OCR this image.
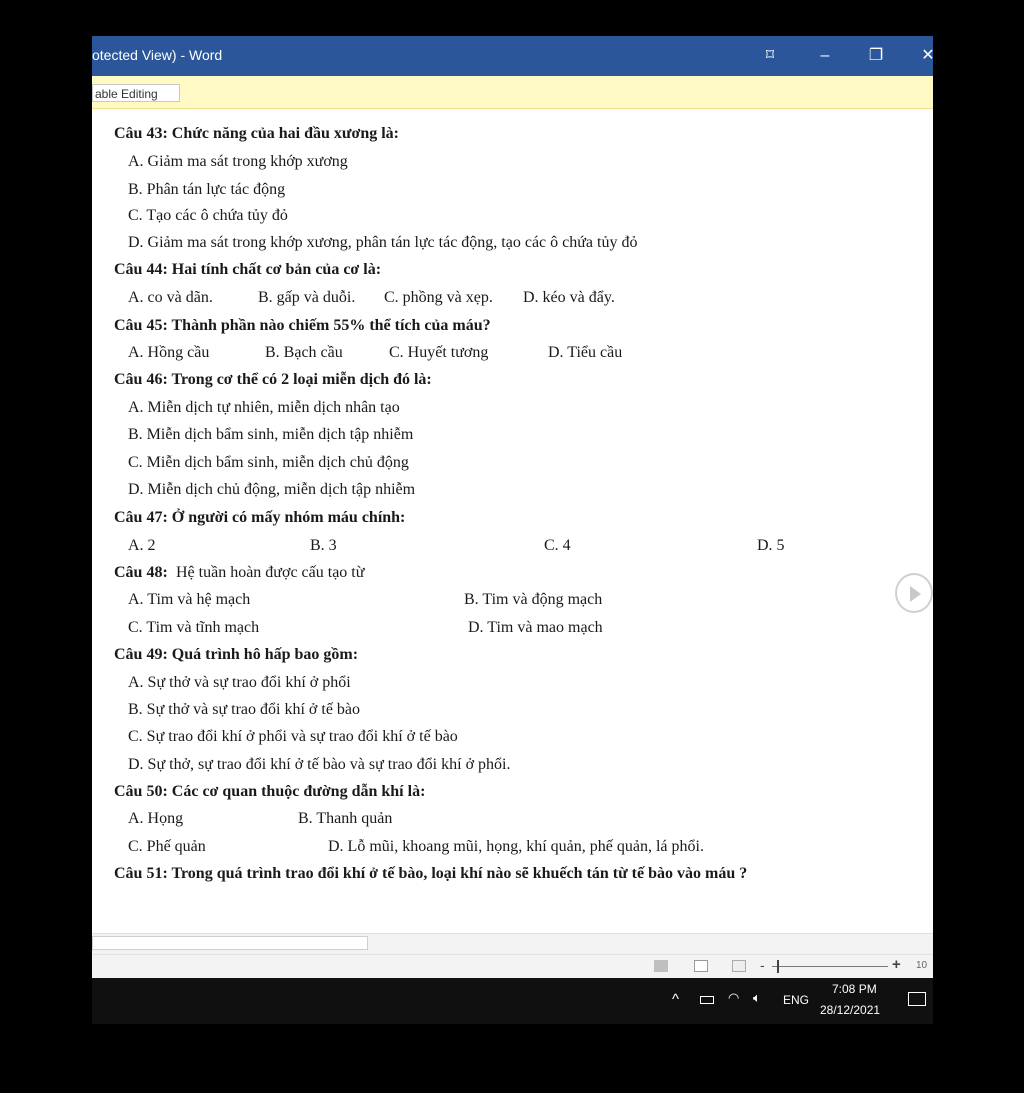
otected View) - Word	⌑	–	❐	✕
able Editing
Câu 43: Chức năng của hai đầu xương là:
A. Giảm ma sát trong khớp xương
B. Phân tán lực tác động
C. Tạo các ô chứa tủy đỏ
D. Giảm ma sát trong khớp xương, phân tán lực tác động, tạo các ô chứa tủy đỏ
Câu 44: Hai tính chất cơ bản của cơ là:
A. co và dãn.	B. gấp và duỗi. C. phồng và xẹp. D. kéo và đẩy.
Câu 45: Thành phần nào chiếm 55% thể tích của máu?
A. Hồng cầu	B. Bạch cầu	C. Huyết tương	D. Tiểu cầu
Câu 46: Trong cơ thể có 2 loại miễn dịch đó là:
A. Miễn dịch tự nhiên, miễn dịch nhân tạo
B. Miễn dịch bẩm sinh, miễn dịch tập nhiễm
C. Miễn dịch bẩm sinh, miễn dịch chủ động
D. Miễn dịch chủ động, miễn dịch tập nhiễm
Câu 47: Ở người có mấy nhóm máu chính:
A. 2	B. 3	C. 4	D. 5
Câu 48: Hệ tuần hoàn được cấu tạo từ
A. Tim và hệ mạch	B. Tim và động mạch
C. Tim và tĩnh mạch	D. Tim và mao mạch
Câu 49: Quá trình hô hấp bao gồm:
A. Sự thở và sự trao đổi khí ở phổi
B. Sự thở và sự trao đổi khí ở tế bào
C. Sự trao đổi khí ở phổi và sự trao đổi khí ở tế bào
D. Sự thở, sự trao đổi khí ở tế bào và sự trao đổi khí ở phổi.
Câu 50: Các cơ quan thuộc đường dẫn khí là:
A. Họng	B. Thanh quản
C. Phế quản	D. Lỗ mũi, khoang mũi, họng, khí quản, phế quản, lá phổi.
Câu 51: Trong quá trình trao đổi khí ở tế bào, loại khí nào sẽ khuếch tán từ tế bào vào máu ?
-	+ 10
^	◠ 🔈︎ ENG
7:08 PM
28/12/2021
